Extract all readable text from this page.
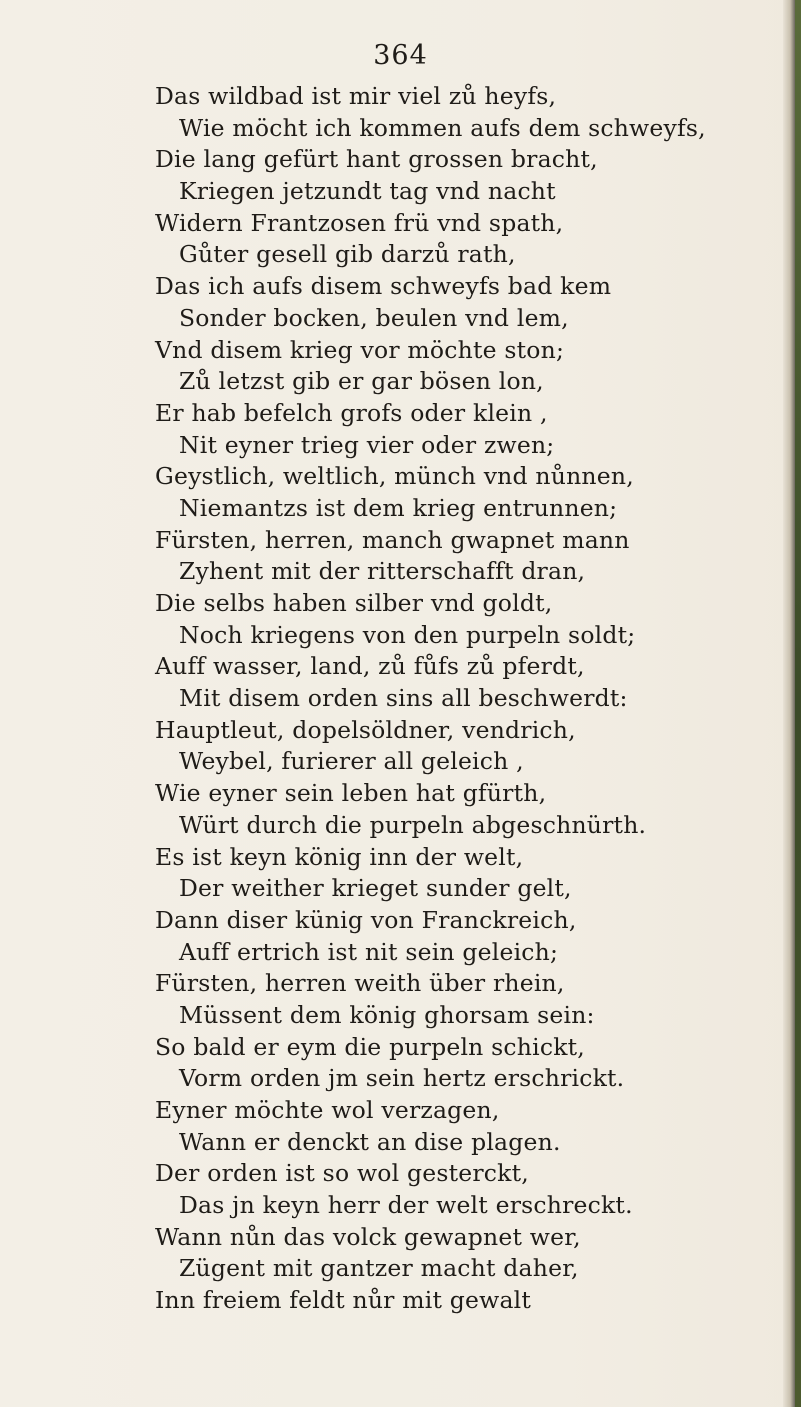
364
Das wildbad ist mir viel zů heyfs,
Wie möcht ich kommen aufs dem schweyfs,
Die lang gefürt hant grossen bracht,
Kriegen jetzundt tag vnd nacht
Widern Frantzosen frü vnd spath,
Gůter gesell gib darzů rath,
Das ich aufs disem schweyfs bad kem
Sonder bocken, beulen vnd lem,
Vnd disem krieg vor möchte ston;
Zů letzst gib er gar bösen lon,
Er hab befelch grofs oder klein ,
Nit eyner trieg vier oder zwen;
Geystlich, weltlich, münch vnd nůnnen,
Niemantzs ist dem krieg entrunnen;
Fürsten, herren, manch gwapnet mann
Zyhent mit der ritterschafft dran,
Die selbs haben silber vnd goldt,
Noch kriegens von den purpeln soldt;
Auff wasser, land, zů fůfs zů pferdt,
Mit disem orden sins all beschwerdt:
Hauptleut, dopelsöldner, vendrich,
Weybel, furierer all geleich ,
Wie eyner sein leben hat gfürth,
Würt durch die purpeln abgeschnürth.
Es ist keyn könig inn der welt,
Der weither krieget sunder gelt,
Dann diser künig von Franckreich,
Auff ertrich ist nit sein geleich;
Fürsten, herren weith über rhein,
Müssent dem könig ghorsam sein:
So bald er eym die purpeln schickt,
Vorm orden jm sein hertz erschrickt.
Eyner möchte wol verzagen,
Wann er denckt an dise plagen.
Der orden ist so wol gesterckt,
Das jn keyn herr der welt erschreckt.
Wann nůn das volck gewapnet wer,
Zügent mit gantzer macht daher,
Inn freiem feldt nůr mit gewalt
